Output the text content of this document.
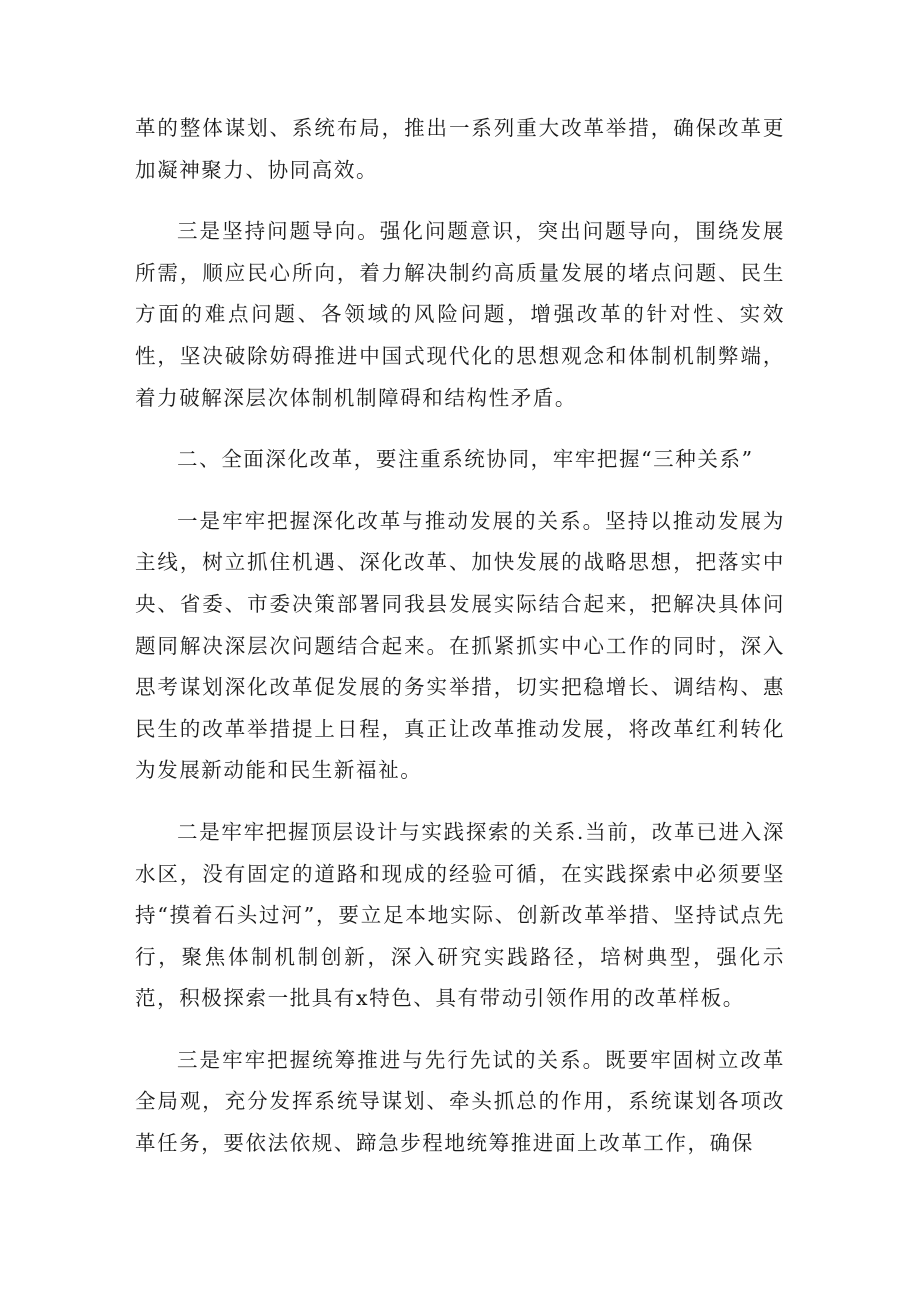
革的整体谋划、系统布局，推出一系列重大改革举措，确保改革更加凝神聚力、协同高效。

三是坚持问题导向。强化问题意识，突出问题导向，围绕发展所需，顺应民心所向，着力解决制约高质量发展的堵点问题、民生方面的难点问题、各领域的风险问题，增强改革的针对性、实效性，坚决破除妨碍推进中国式现代化的思想观念和体制机制弊端，着力破解深层次体制机制障碍和结构性矛盾。

二、全面深化改革，要注重系统协同，牢牢把握“三种关系”

一是牢牢把握深化改革与推动发展的关系。坚持以推动发展为主线，树立抓住机遇、深化改革、加快发展的战略思想，把落实中央、省委、市委决策部署同我县发展实际结合起来，把解决具体问题同解决深层次问题结合起来。在抓紧抓实中心工作的同时，深入思考谋划深化改革促发展的务实举措，切实把稳增长、调结构、惠民生的改革举措提上日程，真正让改革推动发展，将改革红利转化为发展新动能和民生新福祉。

二是牢牢把握顶层设计与实践探索的关系.当前，改革已进入深水区，没有固定的道路和现成的经验可循，在实践探索中必须要坚持“摸着石头过河”，要立足本地实际、创新改革举措、坚持试点先行，聚焦体制机制创新，深入研究实践路径，培树典型，强化示范，积极探索一批具有x特色、具有带动引领作用的改革样板。

三是牢牢把握统筹推进与先行先试的关系。既要牢固树立改革全局观，充分发挥系统导谋划、牵头抓总的作用，系统谋划各项改革任务，要依法依规、蹄急步程地统筹推进面上改革工作，确保
